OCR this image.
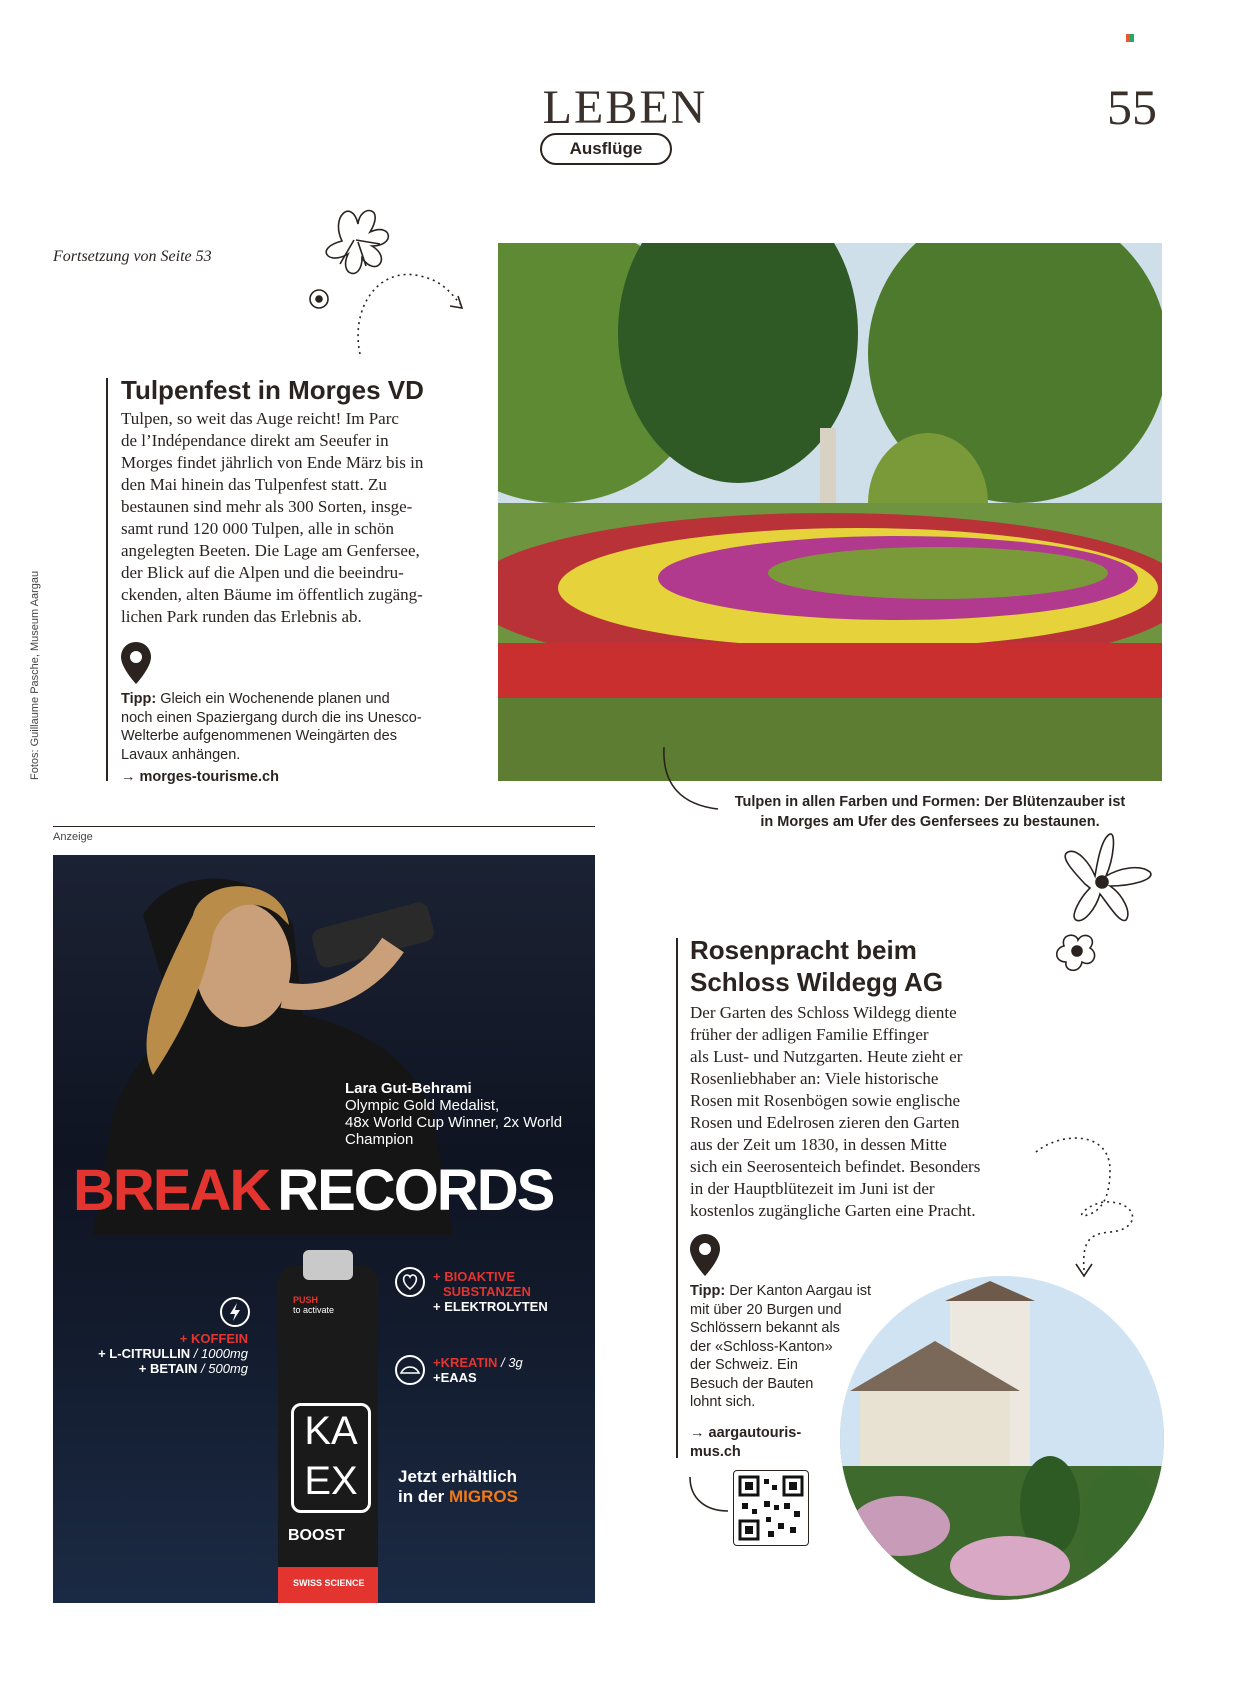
LEBEN
Ausflüge
55
Fortsetzung von Seite 53
Tulpenfest in Morges VD
Tulpen, so weit das Auge reicht! Im Parc
de l’Indépendance direkt am Seeufer in
Morges findet jährlich von Ende März bis in
den Mai hinein das Tulpenfest statt. Zu
bestaunen sind mehr als 300 Sorten, insge-
samt rund 120 000 Tulpen, alle in schön
angelegten Beeten. Die Lage am Genfersee,
der Blick auf die Alpen und die beeindru-
ckenden, alten Bäume im öffentlich zugäng-
lichen Park runden das Erlebnis ab.
Tipp: Gleich ein Wochenende planen und
noch einen Spaziergang durch die ins Unesco-
Welterbe aufgenommenen Weingärten des
Lavaux anhängen.
→ morges-tourisme.ch
Tulpen in allen Farben und Formen: Der Blütenzauber ist
in Morges am Ufer des Genfersees zu bestaunen.
Fotos: Guillaume Pasche, Museum Aargau
Anzeige
Lara Gut-Behrami
Olympic Gold Medalist,
48x World Cup Winner, 2x World
Champion
BREAK RECORDS
PUSH
to activate
KA
EX
BOOST
SWISS SCIENCE
+ KOFFEIN
+ L-CITRULLIN / 1000mg
+ BETAIN / 500mg
+ BIOAKTIVE
SUBSTANZEN
+ ELEKTROLYTEN
+KREATIN / 3g
+EAAS
Jetzt erhältlich
in der MIGROS
Rosenpracht beim
Schloss Wildegg AG
Der Garten des Schloss Wildegg diente
früher der adligen Familie Effinger
als Lust- und Nutzgarten. Heute zieht er
Rosenliebhaber an: Viele historische
Rosen mit Rosenbögen sowie englische
Rosen und Edelrosen zieren den Garten
aus der Zeit um 1830, in dessen Mitte
sich ein Seerosenteich befindet. Besonders
in der Hauptblütezeit im Juni ist der
kostenlos zugängliche Garten eine Pracht.
Tipp: Der Kanton Aargau ist
mit über 20 Burgen und
Schlössern bekannt als
der «Schloss-Kanton»
der Schweiz. Ein
Besuch der Bauten
lohnt sich.
→ aargautouris-
mus.ch
